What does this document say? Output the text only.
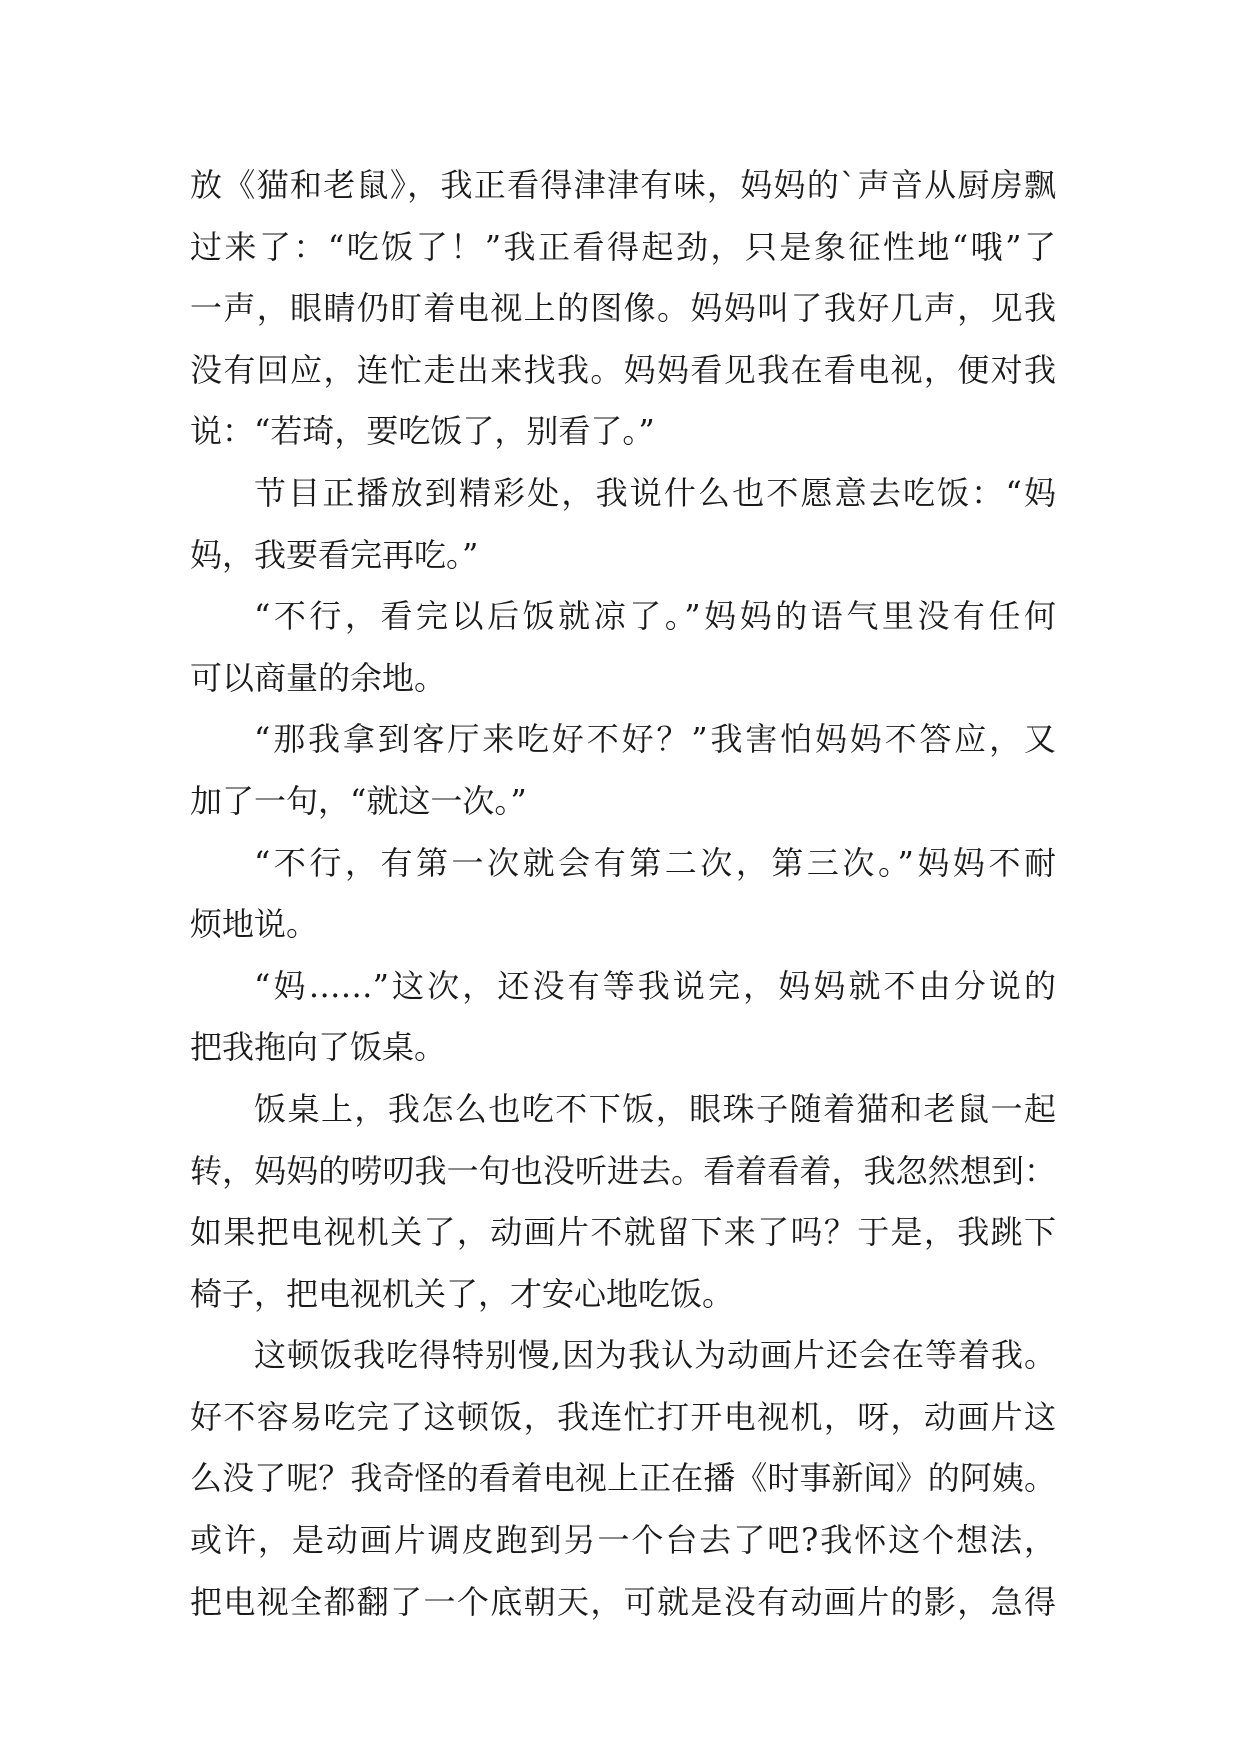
放《猫和老鼠》，我正看得津津有味，妈妈的`声音从厨房飘
过来了：“吃饭了！”我正看得起劲，只是象征性地“哦”了
一声，眼睛仍盯着电视上的图像。妈妈叫了我好几声，见我
没有回应，连忙走出来找我。妈妈看见我在看电视，便对我
说：“若琦，要吃饭了，别看了。”
节目正播放到精彩处，我说什么也不愿意去吃饭：“妈
妈，我要看完再吃。”
“不行，看完以后饭就凉了。”妈妈的语气里没有任何
可以商量的余地。
“那我拿到客厅来吃好不好？”我害怕妈妈不答应，又
加了一句，“就这一次。”
“不行，有第一次就会有第二次，第三次。”妈妈不耐
烦地说。
“妈……”这次，还没有等我说完，妈妈就不由分说的
把我拖向了饭桌。
饭桌上，我怎么也吃不下饭，眼珠子随着猫和老鼠一起
转，妈妈的唠叨我一句也没听进去。看着看着，我忽然想到：
如果把电视机关了，动画片不就留下来了吗？于是，我跳下
椅子，把电视机关了，才安心地吃饭。
这顿饭我吃得特别慢,因为我认为动画片还会在等着我。
好不容易吃完了这顿饭，我连忙打开电视机，呀，动画片这
么没了呢？我奇怪的看着电视上正在播《时事新闻》的阿姨。
或许，是动画片调皮跑到另一个台去了吧?我怀这个想法，
把电视全都翻了一个底朝天，可就是没有动画片的影，急得
